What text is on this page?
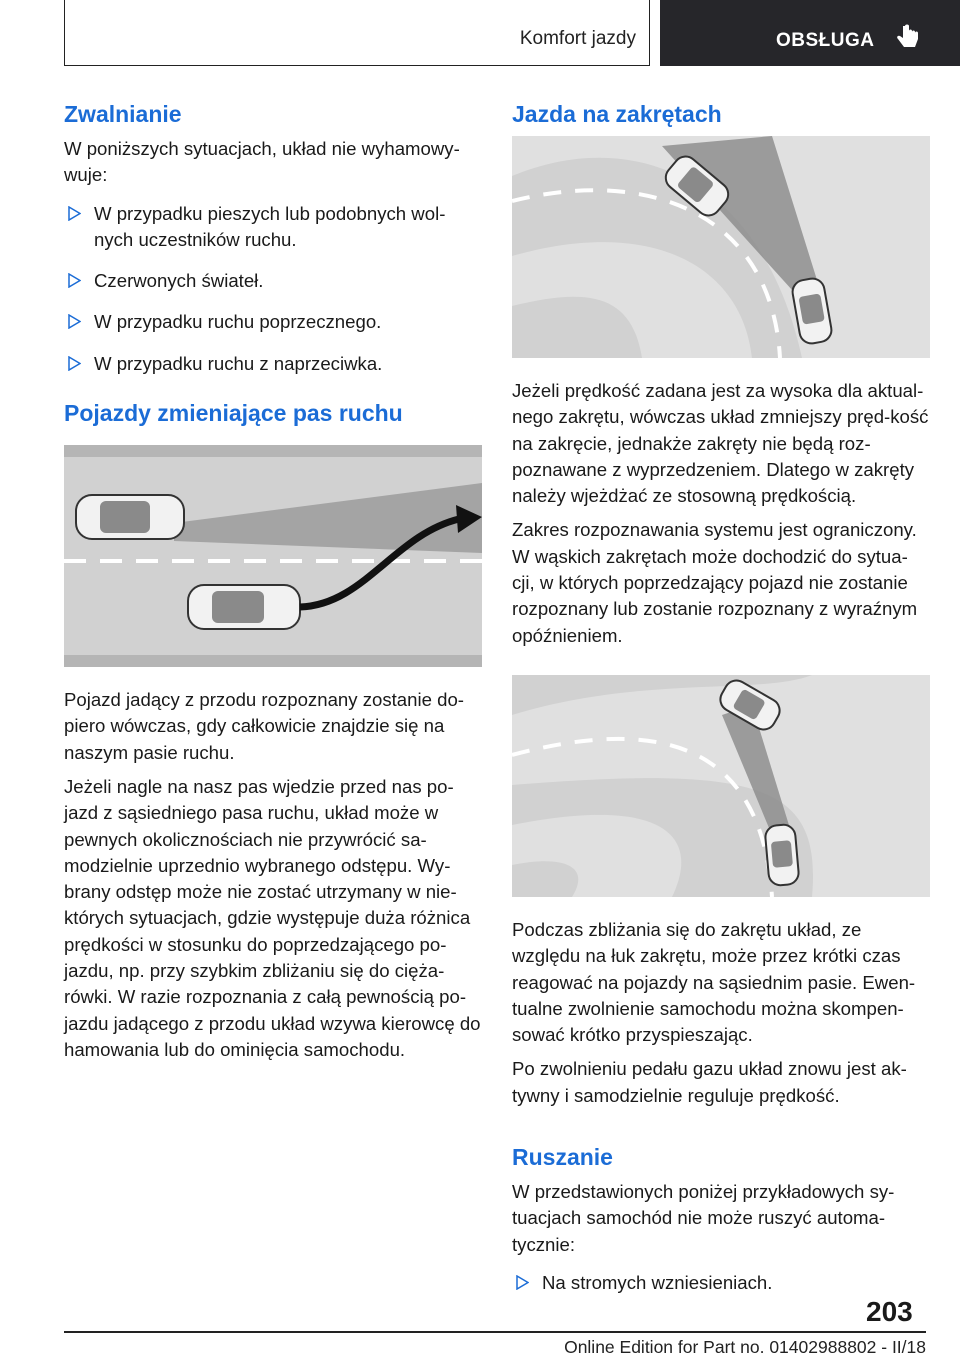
Komfort jazdy	OBSŁUGA
Zwalnianie

W poniższych sytuacjach, układ nie wyhamowy‐wuje:

W przypadku pieszych lub podobnych wol‐nych uczestników ruchu.
Czerwonych świateł.
W przypadku ruchu poprzecznego.
W przypadku ruchu z naprzeciwka.
Pojazdy zmieniające pas ruchu

Pojazd jadący z przodu rozpoznany zostanie do‐piero wówczas, gdy całkowicie znajdzie się na naszym pasie ruchu.

Jeżeli nagle na nasz pas wjedzie przed nas po‐jazd z sąsiedniego pasa ruchu, układ może w pewnych okolicznościach nie przywrócić sa‐modzielnie uprzednio wybranego odstępu. Wy‐brany odstęp może nie zostać utrzymany w nie‐których sytuacjach, gdzie występuje duża różnica prędkości w stosunku do poprzedzającego po‐jazdu, np. przy szybkim zbliżaniu się do cięża‐rówki. W razie rozpoznania z całą pewnością po‐jazdu jadącego z przodu układ wzywa kierowcę do hamowania lub do ominięcia samochodu.

Jazda na zakrętach

Jeżeli prędkość zadana jest za wysoka dla aktual‐nego zakrętu, wówczas układ zmniejszy pręd‐kość na zakręcie, jednakże zakręty nie będą roz‐poznawane z wyprzedzeniem. Dlatego w zakręty należy wjeżdżać ze stosowną prędkością.

Zakres rozpoznawania systemu jest ograniczony. W wąskich zakrętach może dochodzić do sytua‐cji, w których poprzedzający pojazd nie zostanie rozpoznany lub zostanie rozpoznany z wyraźnym opóźnieniem.

Podczas zbliżania się do zakrętu układ, ze względu na łuk zakrętu, może przez krótki czas reagować na pojazdy na sąsiednim pasie. Ewen‐tualne zwolnienie samochodu można skompen‐sować krótko przyspieszając.

Po zwolnieniu pedału gazu układ znowu jest ak‐tywny i samodzielnie reguluje prędkość.

Ruszanie

W przedstawionych poniżej przykładowych sy‐tuacjach samochód nie może ruszyć automa‐tycznie:

Na stromych wzniesieniach.
203
Online Edition for Part no. 01402988802 - II/18
